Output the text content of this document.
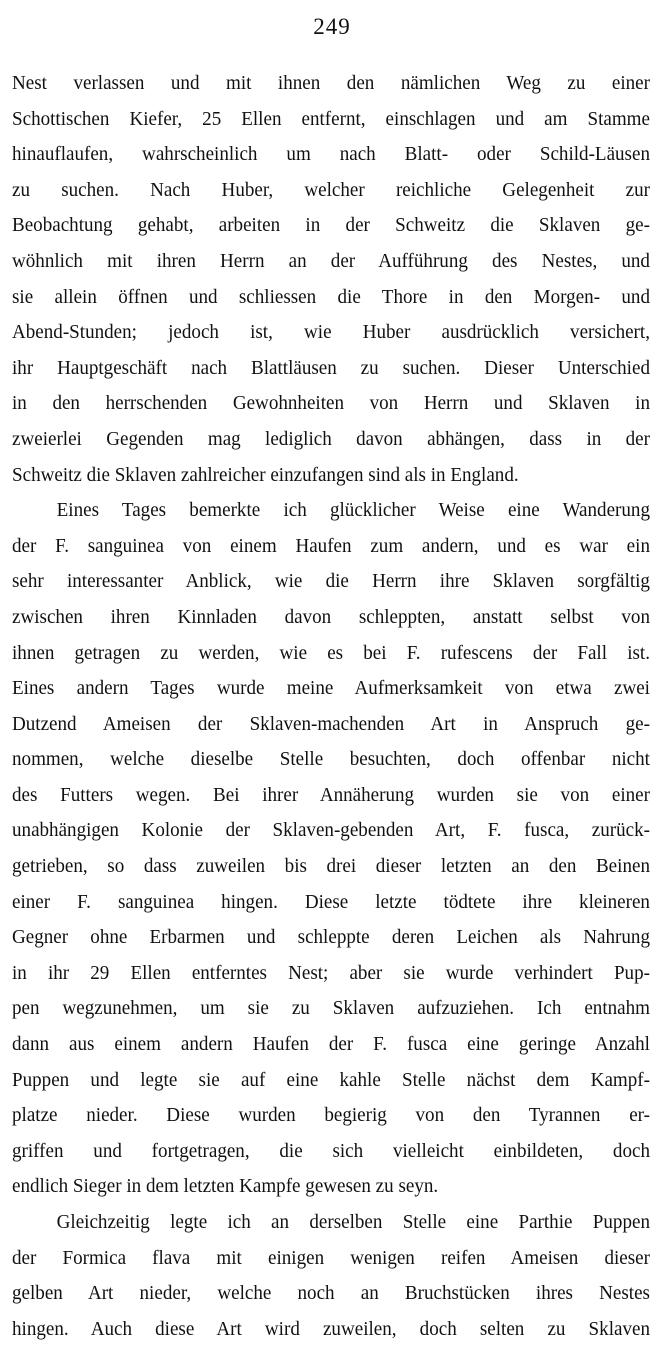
249
Nest verlassen und mit ihnen den nämlichen Weg zu einer
Schottischen Kiefer, 25 Ellen entfernt, einschlagen und am Stamme
hinauflaufen, wahrscheinlich um nach Blatt- oder Schild-Läusen
zu suchen. Nach Huber, welcher reichliche Gelegenheit zur
Beobachtung gehabt, arbeiten in der Schweitz die Sklaven ge-
wöhnlich mit ihren Herrn an der Aufführung des Nestes, und
sie allein öffnen und schliessen die Thore in den Morgen- und
Abend-Stunden; jedoch ist, wie Huber ausdrücklich versichert,
ihr Hauptgeschäft nach Blattläusen zu suchen. Dieser Unterschied
in den herrschenden Gewohnheiten von Herrn und Sklaven in
zweierlei Gegenden mag lediglich davon abhängen, dass in der
Schweitz die Sklaven zahlreicher einzufangen sind als in England.
Eines Tages bemerkte ich glücklicher Weise eine Wanderung
der F. sanguinea von einem Haufen zum andern, und es war ein
sehr interessanter Anblick, wie die Herrn ihre Sklaven sorgfältig
zwischen ihren Kinnladen davon schleppten, anstatt selbst von
ihnen getragen zu werden, wie es bei F. rufescens der Fall ist.
Eines andern Tages wurde meine Aufmerksamkeit von etwa zwei
Dutzend Ameisen der Sklaven-machenden Art in Anspruch ge-
nommen, welche dieselbe Stelle besuchten, doch offenbar nicht
des Futters wegen. Bei ihrer Annäherung wurden sie von einer
unabhängigen Kolonie der Sklaven-gebenden Art, F. fusca, zurück-
getrieben, so dass zuweilen bis drei dieser letzten an den Beinen
einer F. sanguinea hingen. Diese letzte tödtete ihre kleineren
Gegner ohne Erbarmen und schleppte deren Leichen als Nahrung
in ihr 29 Ellen entferntes Nest; aber sie wurde verhindert Pup-
pen wegzunehmen, um sie zu Sklaven aufzuziehen. Ich entnahm
dann aus einem andern Haufen der F. fusca eine geringe Anzahl
Puppen und legte sie auf eine kahle Stelle nächst dem Kampf-
platze nieder. Diese wurden begierig von den Tyrannen er-
griffen und fortgetragen, die sich vielleicht einbildeten, doch
endlich Sieger in dem letzten Kampfe gewesen zu seyn.
Gleichzeitig legte ich an derselben Stelle eine Parthie Puppen
der Formica flava mit einigen wenigen reifen Ameisen dieser
gelben Art nieder, welche noch an Bruchstücken ihres Nestes
hingen. Auch diese Art wird zuweilen, doch selten zu Sklaven
